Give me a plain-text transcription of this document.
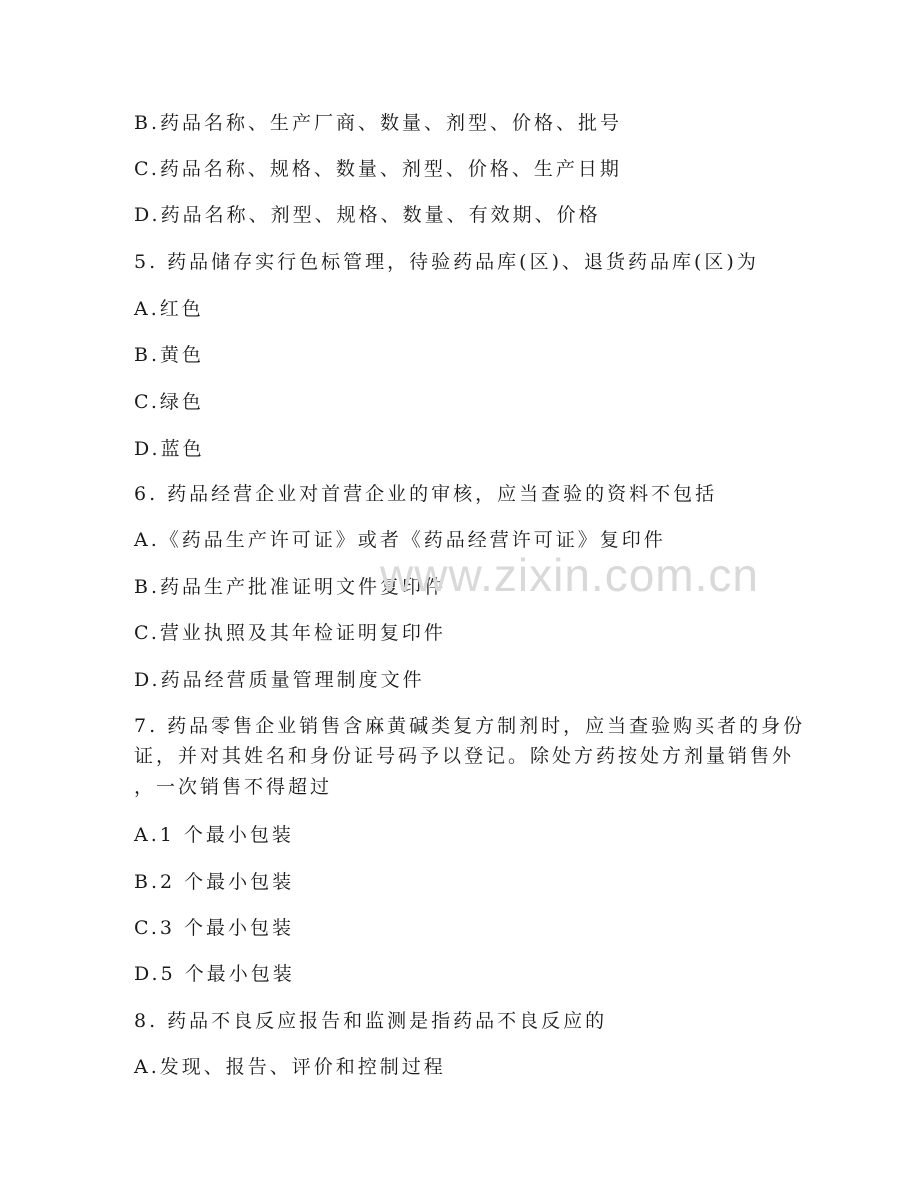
B.药品名称、生产厂商、数量、剂型、价格、批号
C.药品名称、规格、数量、剂型、价格、生产日期
D.药品名称、剂型、规格、数量、有效期、价格
5. 药品储存实行色标管理，待验药品库(区)、退货药品库(区)为
A.红色
B.黄色
C.绿色
D.蓝色
6. 药品经营企业对首营企业的审核，应当查验的资料不包括
A.《药品生产许可证》或者《药品经营许可证》复印件
B.药品生产批准证明文件复印件
C.营业执照及其年检证明复印件
D.药品经营质量管理制度文件
7. 药品零售企业销售含麻黄碱类复方制剂时，应当查验购买者的身份
证，并对其姓名和身份证号码予以登记。除处方药按处方剂量销售外
，一次销售不得超过
A.1 个最小包装
B.2 个最小包装
C.3 个最小包装
D.5 个最小包装
8. 药品不良反应报告和监测是指药品不良反应的
A.发现、报告、评价和控制过程
www.zixin.com.cn
